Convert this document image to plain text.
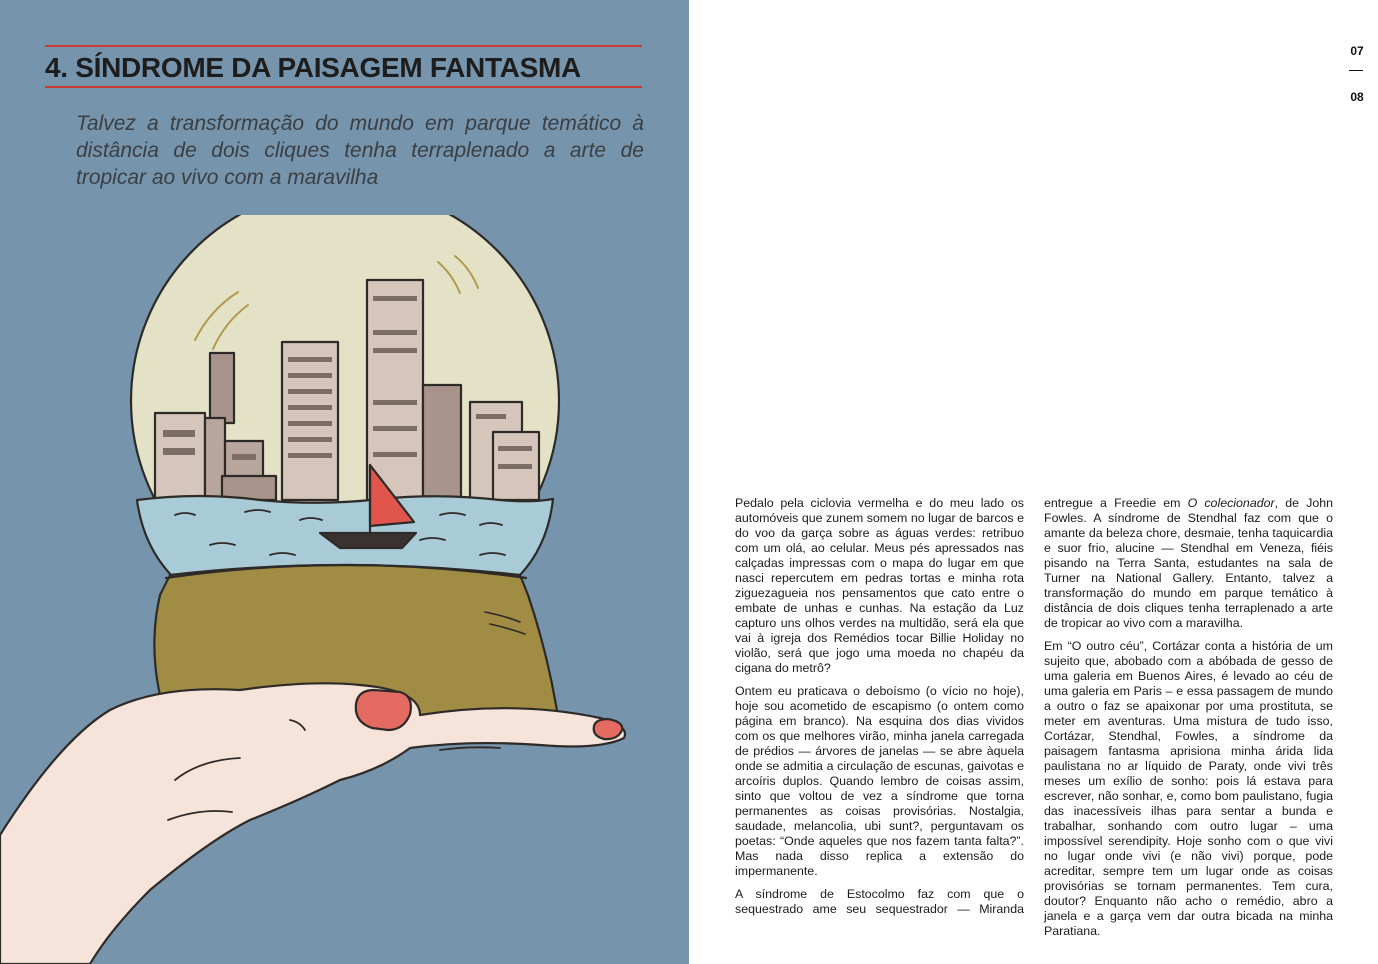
4. SÍNDROME DA PAISAGEM FANTASMA

Talvez a transformação do mundo em parque temático à distância de dois cliques tenha terraplenado a arte de tropicar ao vivo com a maravilha

07
08

Pedalo pela ciclovia vermelha e do meu lado os automóveis que zunem somem no lugar de barcos e do voo da garça sobre as águas verdes: retribuo com um olá, ao celular. Meus pés apressados nas calçadas impressas com o mapa do lugar em que nasci repercutem em pedras tortas e minha rota ziguezagueia nos pensamentos que cato entre o embate de unhas e cunhas. Na estação da Luz capturo uns olhos verdes na multidão, será ela que vai à igreja dos Remédios tocar Billie Holiday no violão, será que jogo uma moeda no chapéu da cigana do metrô?

Ontem eu praticava o deboísmo (o vício no hoje), hoje sou acometido de escapismo (o ontem como página em branco). Na esquina dos dias vividos com os que melhores virão, minha janela carregada de prédios — árvores de janelas — se abre àquela onde se admitia a circulação de escunas, gaivotas e arcoíris duplos. Quando lembro de coisas assim, sinto que voltou de vez a síndrome que torna permanentes as coisas provisórias. Nostalgia, saudade, melancolia, ubi sunt?, perguntavam os poetas: “Onde aqueles que nos fazem tanta falta?”. Mas nada disso replica a extensão do impermanente.

A síndrome de Estocolmo faz com que o sequestrado ame seu sequestrador — Miranda

entregue a Freedie em O colecionador, de John Fowles. A síndrome de Stendhal faz com que o amante da beleza chore, desmaie, tenha taquicardia e suor frio, alucine — Stendhal em Veneza, fiéis pisando na Terra Santa, estudantes na sala de Turner na National Gallery. Entanto, talvez a transformação do mundo em parque temático à distância de dois cliques tenha terraplenado a arte de tropicar ao vivo com a maravilha.

Em “O outro céu”, Cortázar conta a história de um sujeito que, abobado com a abóbada de gesso de uma galeria em Buenos Aires, é levado ao céu de uma galeria em Paris – e essa passagem de mundo a outro o faz se apaixonar por uma prostituta, se meter em aventuras. Uma mistura de tudo isso, Cortázar, Stendhal, Fowles, a síndrome da paisagem fantasma aprisiona minha árida lida paulistana no ar líquido de Paraty, onde vivi três meses um exílio de sonho: pois lá estava para escrever, não sonhar, e, como bom paulistano, fugia das inacessíveis ilhas para sentar a bunda e trabalhar, sonhando com outro lugar – uma impossível serendipity. Hoje sonho com o que vivi no lugar onde vivi (e não vivi) porque, pode acreditar, sempre tem um lugar onde as coisas provisórias se tornam permanentes. Tem cura, doutor? Enquanto não acho o remédio, abro a janela e a garça vem dar outra bicada na minha Paratiana.
